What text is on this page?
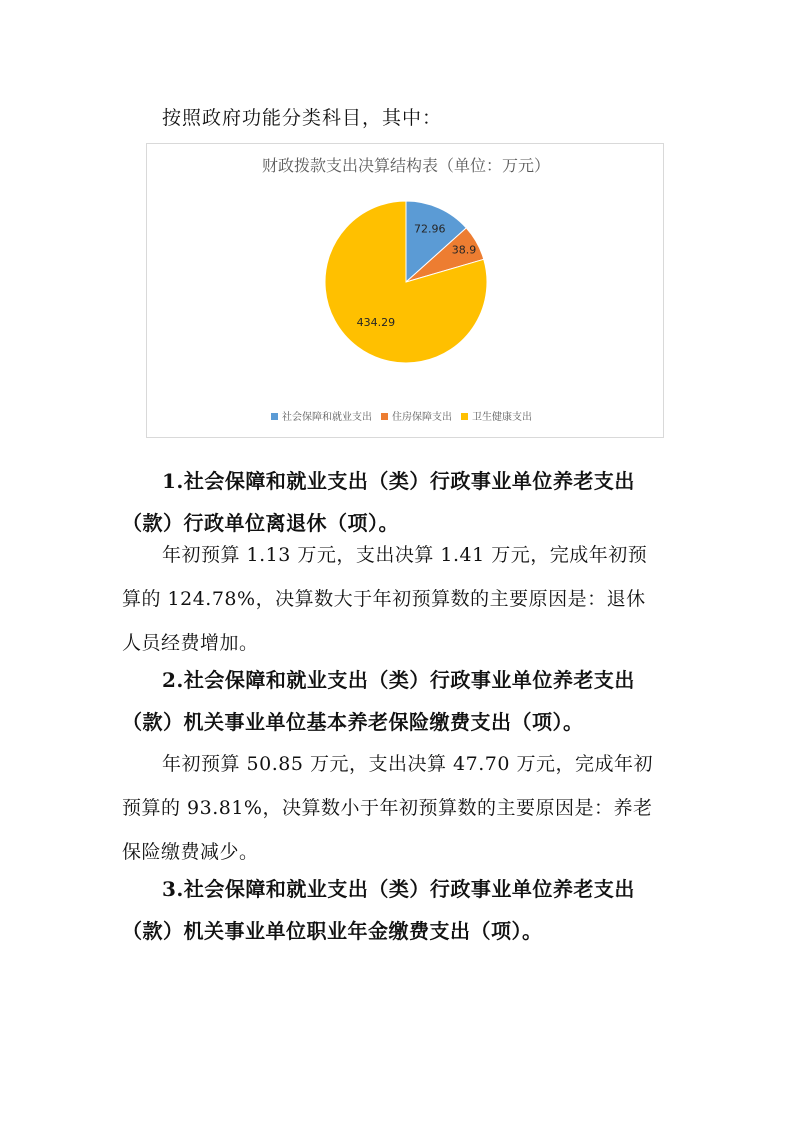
按照政府功能分类科目，其中：
财政拨款支出决算结构表（单位：万元）
72.96
38.9
434.29
社会保障和就业支出 住房保障支出 卫生健康支出
1.社会保障和就业支出（类）行政事业单位养老支出
（款）行政单位离退休（项）。
年初预算 1.13 万元，支出决算 1.41 万元，完成年初预
算的 124.78%，决算数大于年初预算数的主要原因是：退休
人员经费增加。
2.社会保障和就业支出（类）行政事业单位养老支出
（款）机关事业单位基本养老保险缴费支出（项）。
年初预算 50.85 万元，支出决算 47.70 万元，完成年初
预算的 93.81%，决算数小于年初预算数的主要原因是：养老
保险缴费减少。
3.社会保障和就业支出（类）行政事业单位养老支出
（款）机关事业单位职业年金缴费支出（项）。
